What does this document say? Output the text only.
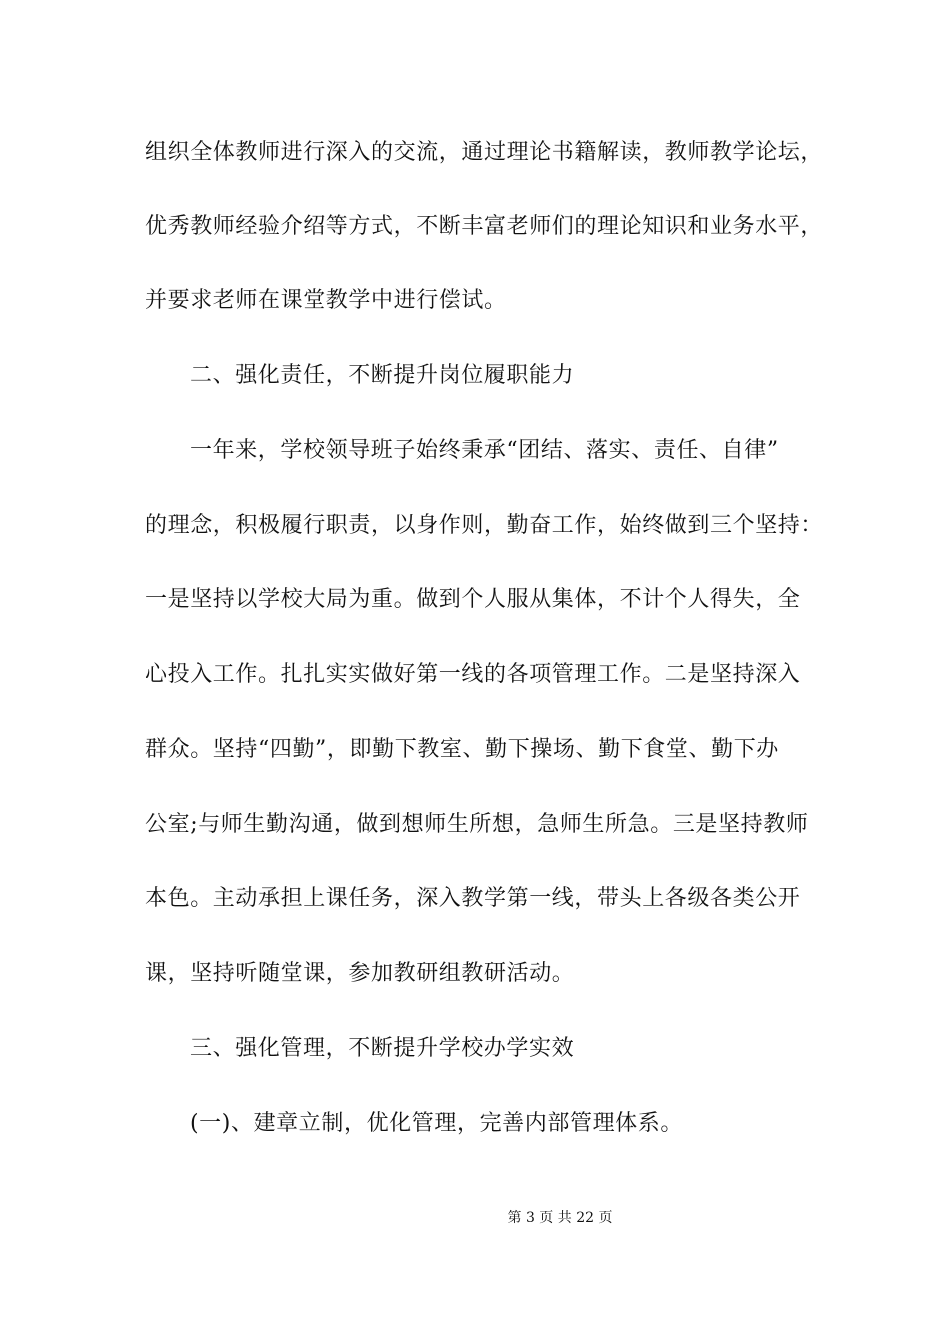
组织全体教师进行深入的交流，通过理论书籍解读，教师教学论坛，
优秀教师经验介绍等方式，不断丰富老师们的理论知识和业务水平，
并要求老师在课堂教学中进行偿试。
二、强化责任，不断提升岗位履职能力
一年来，学校领导班子始终秉承“团结、落实、责任、自律”
的理念，积极履行职责，以身作则，勤奋工作，始终做到三个坚持：
一是坚持以学校大局为重。做到个人服从集体，不计个人得失，全
心投入工作。扎扎实实做好第一线的各项管理工作。二是坚持深入
群众。坚持“四勤”，即勤下教室、勤下操场、勤下食堂、勤下办
公室;与师生勤沟通，做到想师生所想，急师生所急。三是坚持教师
本色。主动承担上课任务，深入教学第一线，带头上各级各类公开
课，坚持听随堂课，参加教研组教研活动。
三、强化管理，不断提升学校办学实效
(一)、建章立制，优化管理，完善内部管理体系。
第 3 页 共 22 页
